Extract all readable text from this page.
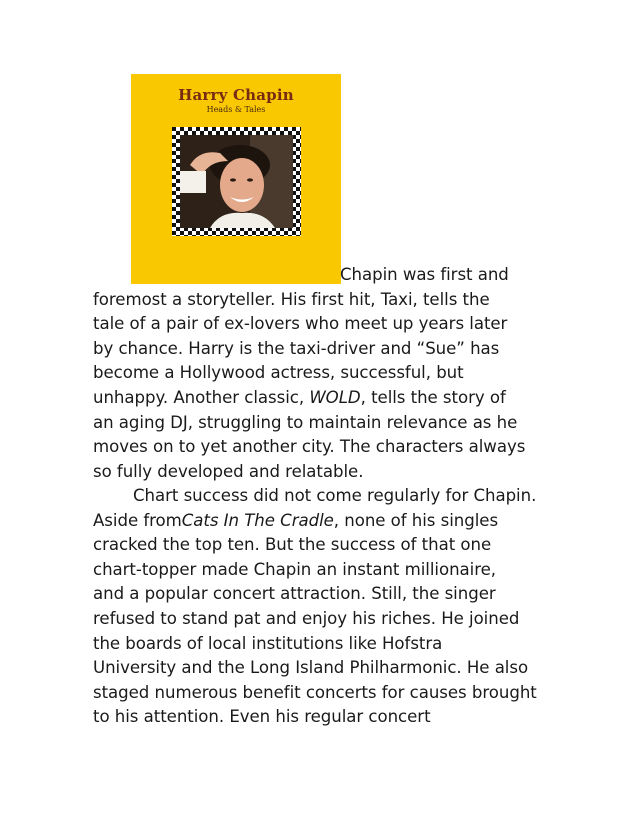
Harry Chapin
Heads & Tales
Chapin was first and
foremost a storyteller. His first hit, Taxi, tells the
tale of a pair of ex-lovers who meet up years later
by chance. Harry is the taxi-driver and “Sue” has
become a Hollywood actress, successful, but
unhappy. Another classic, WOLD, tells the story of
an aging DJ, struggling to maintain relevance as he
moves on to yet another city. The characters always
so fully developed and relatable.
Chart success did not come regularly for Chapin.
Aside fromCats In The Cradle, none of his singles
cracked the top ten. But the success of that one
chart-topper made Chapin an instant millionaire,
and a popular concert attraction. Still, the singer
refused to stand pat and enjoy his riches. He joined
the boards of local institutions like Hofstra
University and the Long Island Philharmonic. He also
staged numerous benefit concerts for causes brought
to his attention. Even his regular concert
